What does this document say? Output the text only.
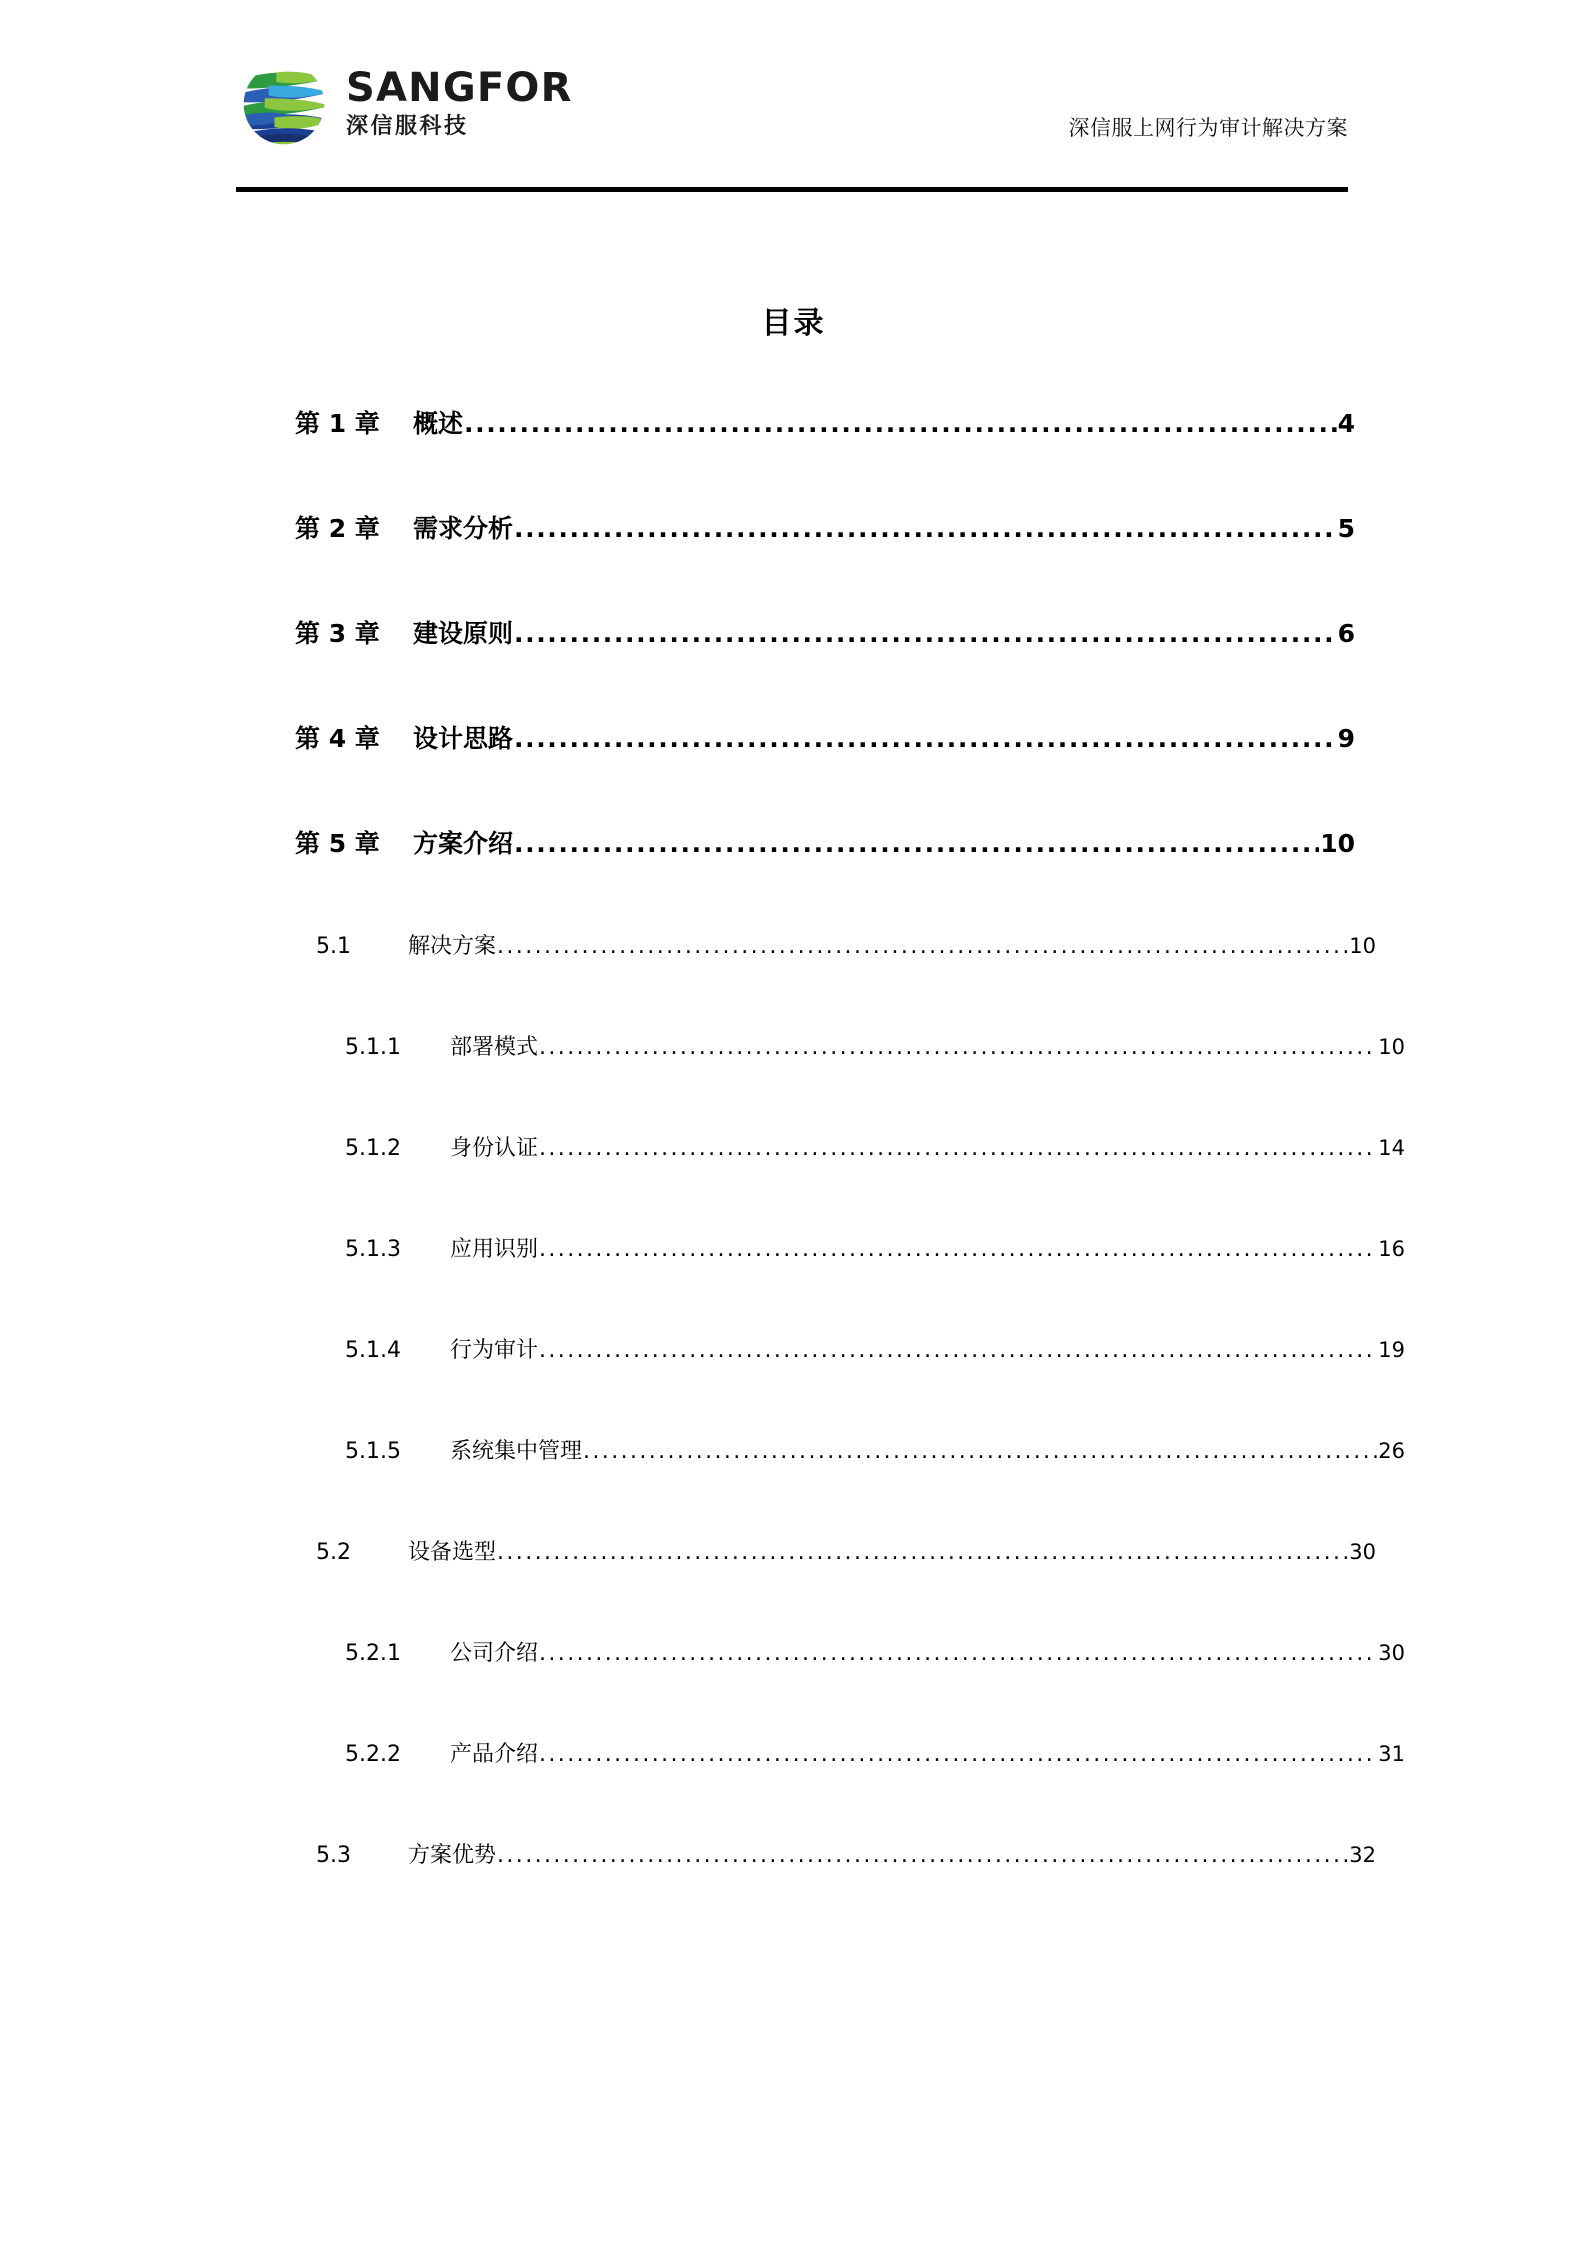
SANGFOR
深信服科技	深信服上网行为审计解决方案
目录
第 1 章	概述 .....	4
第 2 章	需求分析 .....	5
第 3 章	建设原则 .....	6
第 4 章	设计思路 .....	9
第 5 章	方案介绍 .....	10
5.1	解决方案 .....	10
5.1.1	部署模式 .....	10
5.1.2	身份认证 .....	14
5.1.3	应用识别 .....	16
5.1.4	行为审计 .....	19
5.1.5	系统集中管理 .....	26
5.2	设备选型 .....	30
5.2.1	公司介绍 .....	30
5.2.2	产品介绍 .....	31
5.3	方案优势 .....	32
